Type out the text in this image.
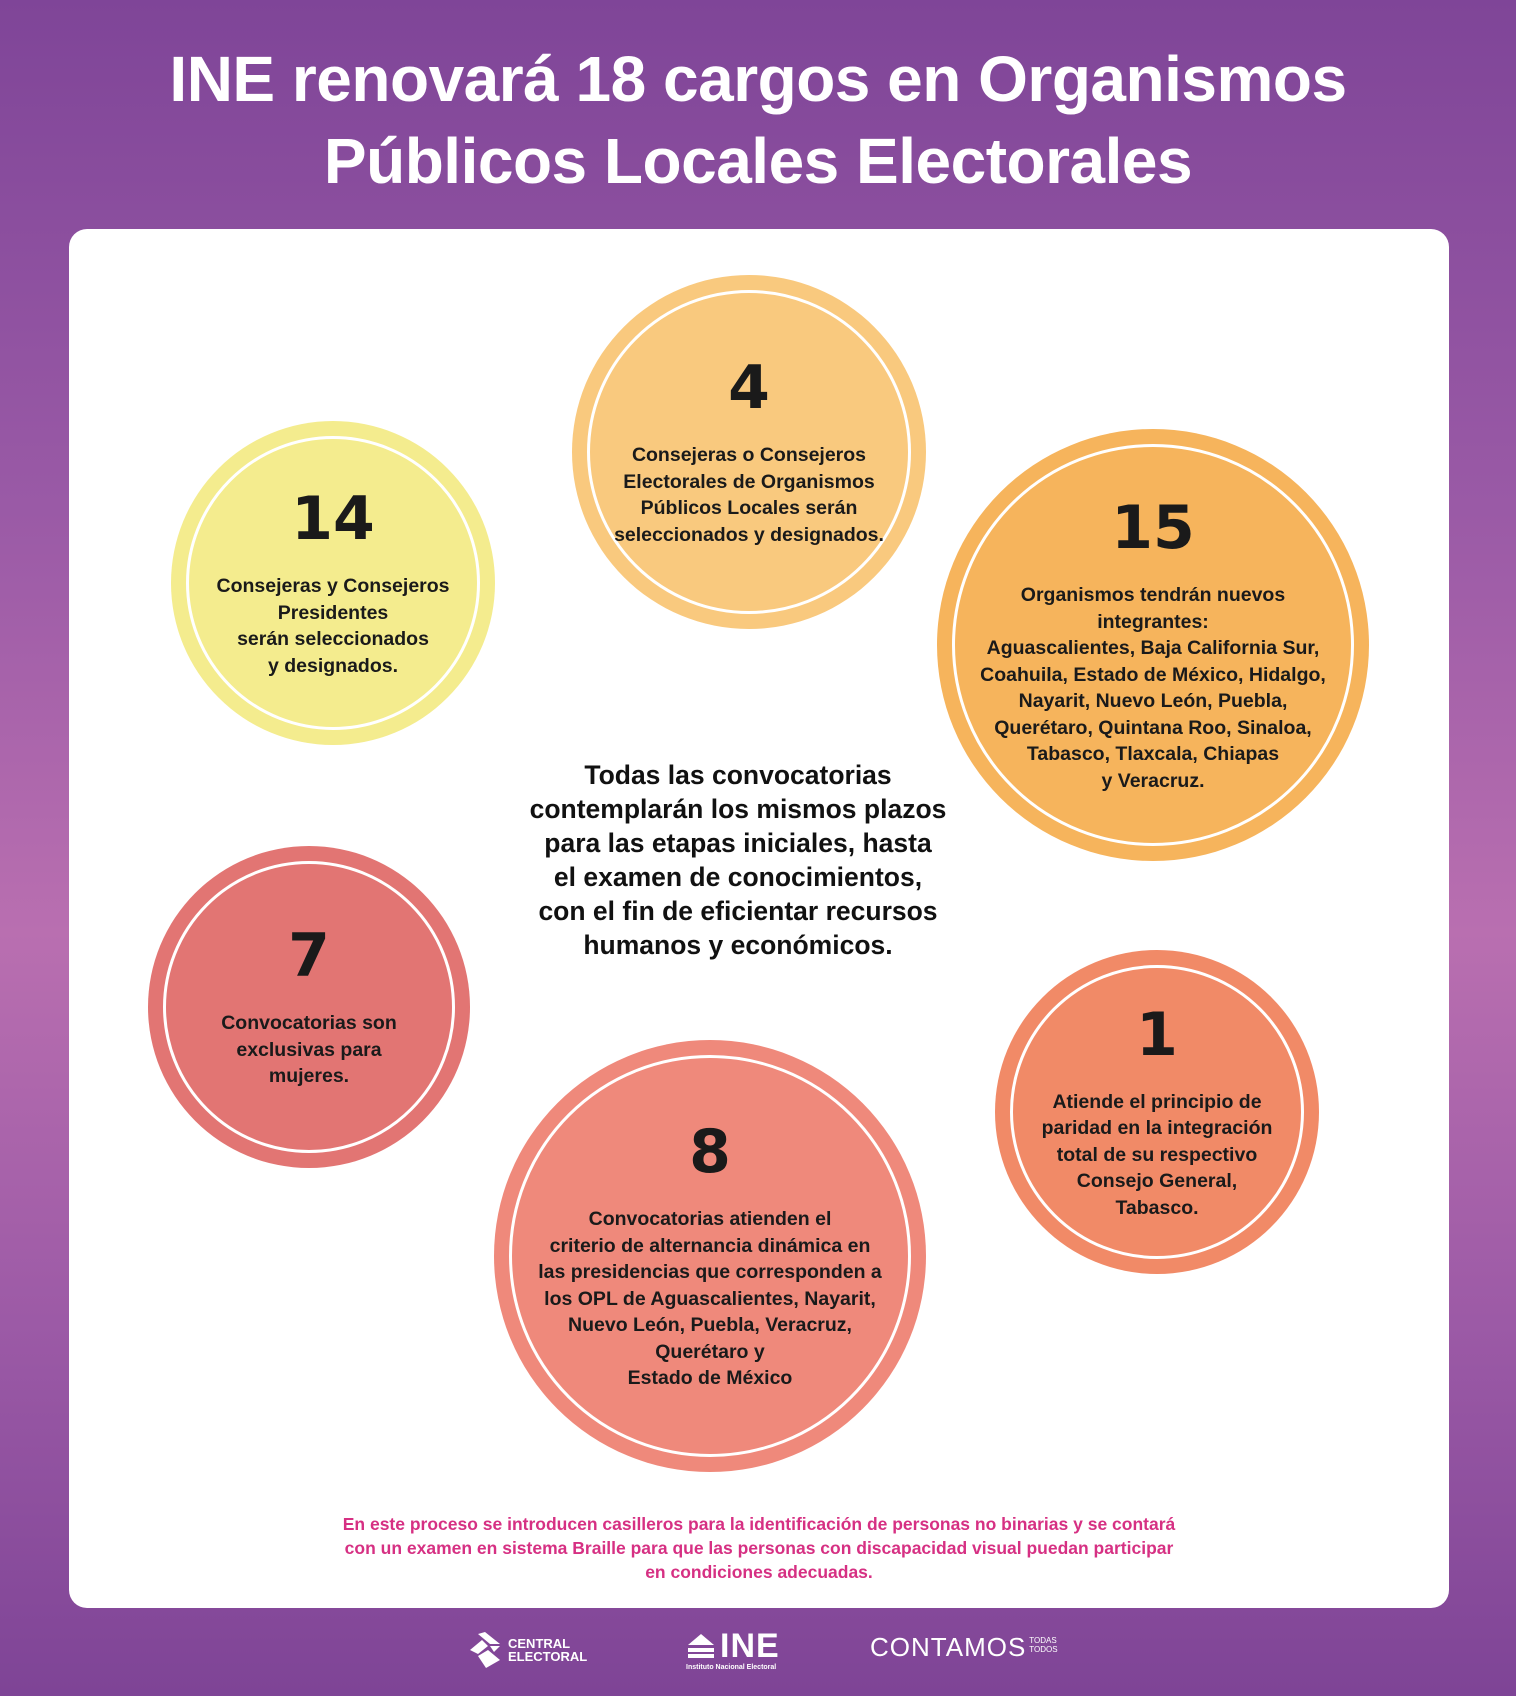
INE renovará 18 cargos en Organismos
Públicos Locales Electorales
4
Consejeras o Consejeros
Electorales de Organismos
Públicos Locales serán
seleccionados y designados.
14
Consejeras y Consejeros
Presidentes
serán seleccionados
y designados.
15
Organismos tendrán nuevos
integrantes:
Aguascalientes, Baja California Sur,
Coahuila, Estado de México, Hidalgo,
Nayarit, Nuevo León, Puebla,
Querétaro, Quintana Roo, Sinaloa,
Tabasco, Tlaxcala, Chiapas
y Veracruz.
Todas las convocatorias
contemplarán los mismos plazos
para las etapas iniciales, hasta
el examen de conocimientos,
con el fin de eficientar recursos
humanos y económicos.
7
Convocatorias son
exclusivas para
mujeres.
1
Atiende el principio de
paridad en la integración
total de su respectivo
Consejo General,
Tabasco.
8
Convocatorias atienden el
criterio de alternancia dinámica en
las presidencias que corresponden a
los OPL de Aguascalientes, Nayarit,
Nuevo León, Puebla, Veracruz,
Querétaro y
Estado de México
En este proceso se introducen casilleros para la identificación de personas no binarias y se contará
con un examen en sistema Braille para que las personas con discapacidad visual puedan participar
en condiciones adecuadas.
CENTRAL
ELECTORAL	INE
Instituto Nacional Electoral
CONTAMOS TODAS
TODOS
